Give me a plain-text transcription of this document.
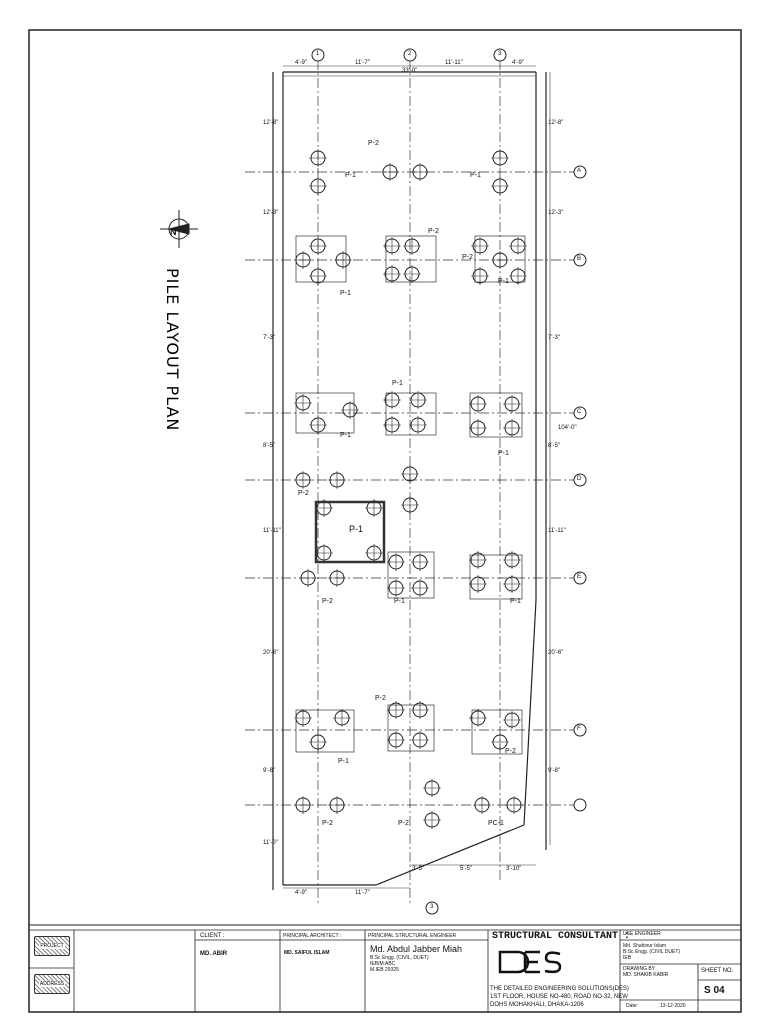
PILE LAYOUT PLAN
N
1	2	3
A
B
C
D
E
F
3
4'-9"	11'-7"	11'-11"	4'-9"
33'-0"
4'-9"	11'-7"
3'-5"	5'-5"	3'-10"
12'-8"
12'-3"
7'-3"
8'-5"
11'-11"
20'-6"
9'-8"
104'-0"
12'-8"
12'-3"
7'-3"
8'-5"
11'-11"
20'-6"
9'-8"
11'-0"
P-2
P-1	P-1
P-2
P-1
P-2
P-1
P-1
P-1
P-2
P-1
P-2	P-1	P-1
P-2
P-1
P-2
P-2	P-2	PC-1
P-1
PROJECT
ADDRESS
CLIENT :
MD. ABIR
PRINCIPAL ARCHITECT :
MD. SAIFUL ISLAM
PRINCIPAL STRUCTURAL ENGINEER
Md. Abdul Jabber Miah
B.Sc Engg. (CIVIL, DUET)
IEB/M:ABC
M.IEB 29325
STRUCTURAL CONSULTANT :
THE DETAILED ENGINEERING SOLUTIONS(DES)
1ST FLOOR, HOUSE NO-480, ROAD NO-32, NEW
DOHS MOHAKHALI, DHAKA-1206
USE ENGINEER
Md. Shahinur Islam
B.Sc Engg. (CIVIL DUET)
IEB
DRAWING BY
MD. SHAKIB KABIR
SHEET NO.
S 04
Date:	13-12-2020
